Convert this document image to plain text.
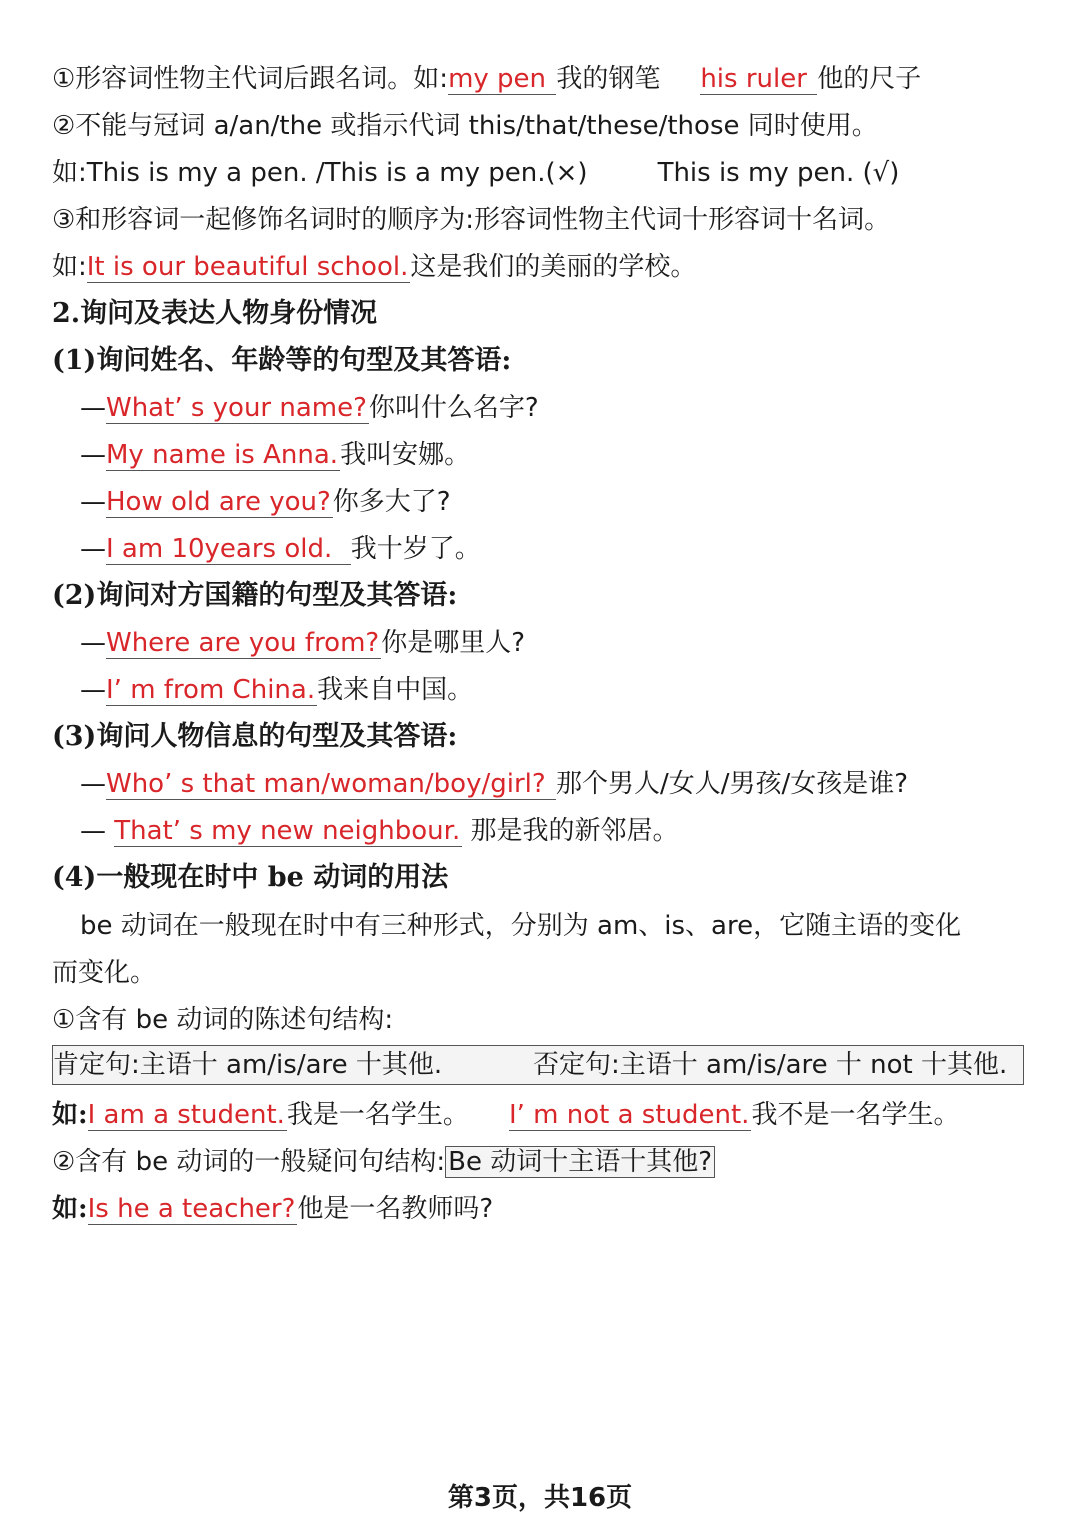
①形容词性物主代词后跟名词。如:my pen 我的钢笔 his ruler 他的尺子
②不能与冠词 a/an/the 或指示代词 this/that/these/those 同时使用。
如:This is my a pen. /This is a my pen.(×)	This is my pen. (√)
③和形容词一起修饰名词时的顺序为:形容词性物主代词十形容词十名词。
如:It is our beautiful school.这是我们的美丽的学校。
2.询问及表达人物身份情况
(1)询问姓名、年龄等的句型及其答语:
—What’ s your name?你叫什么名字?
—My name is Anna.我叫安娜。
—How old are you?你多大了?
—I am 10years old.  我十岁了。
(2)询问对方国籍的句型及其答语:
—Where are you from?你是哪里人?
—I’ m from China.我来自中国。
(3)询问人物信息的句型及其答语:
—Who’ s that man/woman/boy/girl? 那个男人/女人/男孩/女孩是谁?
— That’ s my new neighbour. 那是我的新邻居。
(4)一般现在时中 be 动词的用法
be 动词在一般现在时中有三种形式，分别为 am、is、are，它随主语的变化
而变化。
①含有 be 动词的陈述句结构:
肯定句:主语十 am/is/are 十其他.	否定句:主语十 am/is/are 十 not 十其他.
如:I am a student.我是一名学生。 I’ m not a student.我不是一名学生。
②含有 be 动词的一般疑问句结构: Be 动词十主语十其他?
如:Is he a teacher?他是一名教师吗?
第3页，共16页
